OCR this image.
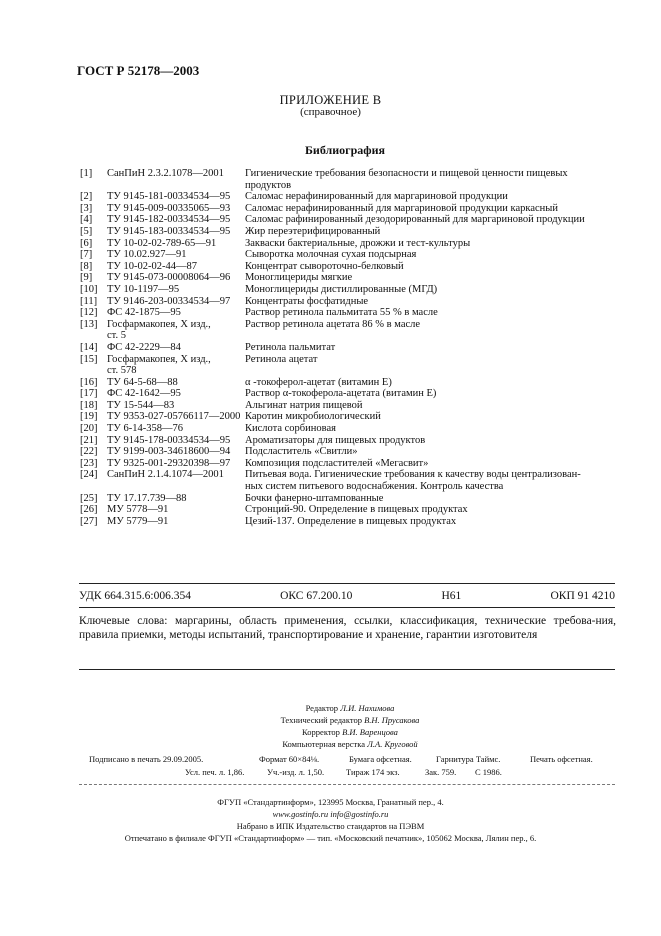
ГОСТ Р 52178—2003
ПРИЛОЖЕНИЕ В
(справочное)
Библиография
[1]	СанПиН 2.3.2.1078—2001	Гигиенические требования безопасности и пищевой ценности пищевых
продуктов
[2]	ТУ 9145-181-00334534—95	Саломас нерафинированный для маргариновой продукции
[3]	ТУ 9145-009-00335065—93	Саломас нерафинированный для маргариновой продукции каркасный
[4]	ТУ 9145-182-00334534—95	Саломас рафинированный дезодорированный для маргариновой продукции
[5]	ТУ 9145-183-00334534—95	Жир переэтерифицированный
[6]	ТУ 10-02-02-789-65—91	Закваски бактериальные, дрожжи и тест-культуры
[7]	ТУ 10.02.927—91	Сыворотка молочная сухая подсырная
[8]	ТУ 10-02-02-44—87	Концентрат сывороточно-белковый
[9]	ТУ 9145-073-00008064—96	Моноглицериды мягкие
[10] ТУ 10-1197—95	Моноглицериды дистиллированные (МГД)
[11] ТУ 9146-203-00334534—97	Концентраты фосфатидные
[12] ФС 42-1875—95	Раствор ретинола пальмитата 55 % в масле
[13] Госфармакопея, Х изд.,	Раствор ретинола ацетата 86 % в масле
ст. 5
[14] ФС 42-2229—84	Ретинола пальмитат
[15] Госфармакопея, Х изд.,	Ретинола ацетат
ст. 578
[16] ТУ 64-5-68—88	α -токоферол-ацетат (витамин Е)
[17] ФС 42-1642—95	Раствор α-токоферола-ацетата (витамин Е)
[18] ТУ 15-544—83	Альгинат натрия пищевой
[19] ТУ 9353-027-05766117—2000 Каротин микробиологический
[20] ТУ 6-14-358—76	Кислота сорбиновая
[21] ТУ 9145-178-00334534—95	Ароматизаторы для пищевых продуктов
[22] ТУ 9199-003-34618600—94	Подсластитель «Свитли»
[23] ТУ 9325-001-29320398—97	Композиция подсластителей «Мегасвит»
[24] СанПиН 2.1.4.1074—2001	Питьевая вода. Гигиенические требования к качеству воды централизован-
ных систем питьевого водоснабжения. Контроль качества
[25] ТУ 17.17.739—88	Бочки фанерно-штампованные
[26] МУ 5778—91	Стронций-90. Определение в пищевых продуктах
[27] МУ 5779—91	Цезий-137. Определение в пищевых продуктах
УДК 664.315.6:006.354	ОКС 67.200.10	Н61	ОКП 91 4210
Ключевые слова: маргарины, область применения, ссылки, классификация, технические требова-ния, правила приемки, методы испытаний, транспортирование и хранение, гарантии изготовителя
Редактор Л.И. Нахимова
Технический редактор В.Н. Прусакова
Корректор В.И. Варенцова
Компьютерная верстка Л.А. Круговой
Подписано в печать 29.09.2005.	Формат 60×84⅛.	Бумага офсетная.	Гарнитура Таймс.	Печать офсетная.
Усл. печ. л. 1,86.	Уч.-изд. л. 1,50.	Тираж 174 экз.	Зак. 759. С 1986.
ФГУП «Стандартинформ», 123995 Москва, Гранатный пер., 4.
www.gostinfo.ru info@gostinfo.ru
Набрано в ИПК Издательство стандартов на ПЭВМ
Отпечатано в филиале ФГУП «Стандартинформ» — тип. «Московский печатник», 105062 Москва, Лялин пер., 6.
